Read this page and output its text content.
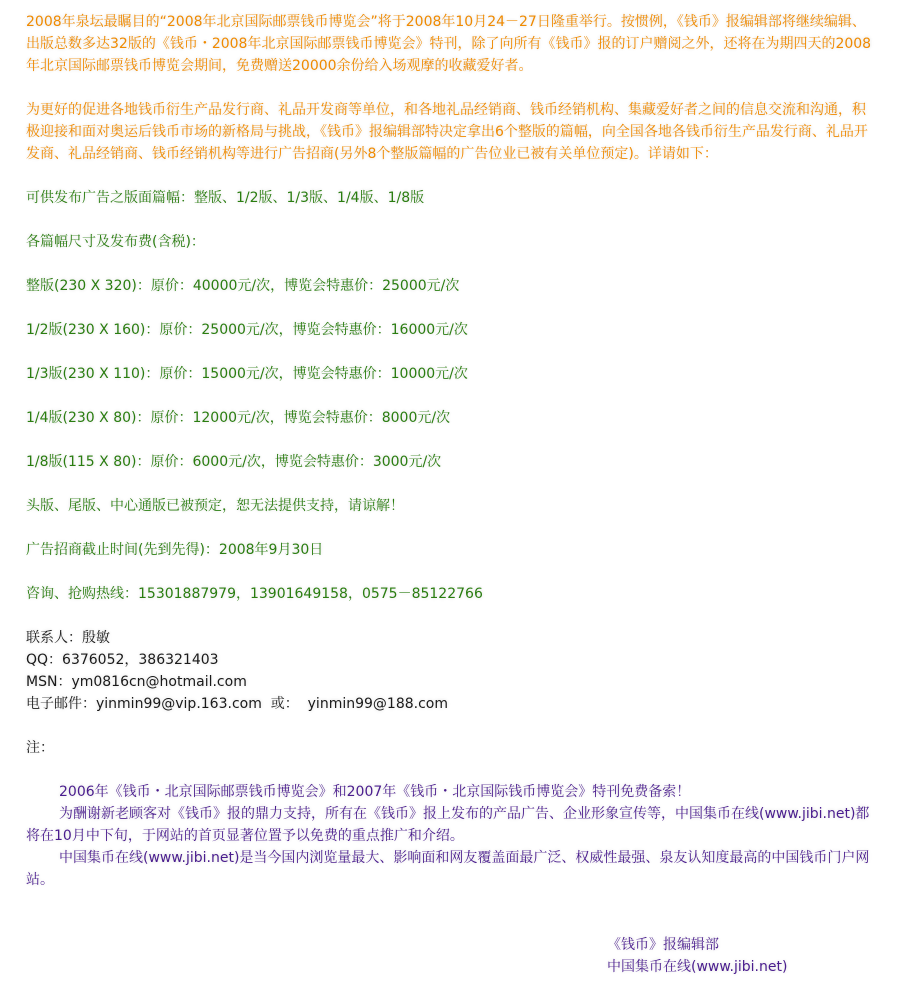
2008年泉坛最瞩目的“2008年北京国际邮票钱币博览会”将于2008年10月24－27日隆重举行。按惯例，《钱币》报编辑部将继续编辑、出版总数多达32版的《钱币・2008年北京国际邮票钱币博览会》特刊，除了向所有《钱币》报的订户赠阅之外，还将在为期四天的2008年北京国际邮票钱币博览会期间，免费赠送20000余份给入场观摩的收藏爱好者。

为更好的促进各地钱币衍生产品发行商、礼品开发商等单位，和各地礼品经销商、钱币经销机构、集藏爱好者之间的信息交流和沟通，积极迎接和面对奥运后钱币市场的新格局与挑战，《钱币》报编辑部特决定拿出6个整版的篇幅，向全国各地各钱币衍生产品发行商、礼品开发商、礼品经销商、钱币经销机构等进行广告招商(另外8个整版篇幅的广告位业已被有关单位预定)。详请如下：

可供发布广告之版面篇幅：整版、1/2版、1/3版、1/4版、1/8版

各篇幅尺寸及发布费(含税)：

整版(230 X 320)：原价：40000元/次，博览会特惠价：25000元/次

1/2版(230 X 160)：原价：25000元/次，博览会特惠价：16000元/次

1/3版(230 X 110)：原价：15000元/次，博览会特惠价：10000元/次

1/4版(230 X 80)：原价：12000元/次，博览会特惠价：8000元/次

1/8版(115 X 80)：原价：6000元/次，博览会特惠价：3000元/次

头版、尾版、中心通版已被预定，恕无法提供支持，请谅解！

广告招商截止时间(先到先得)：2008年9月30日

咨询、抢购热线：15301887979，13901649158，0575－85122766

联系人：殷敏

QQ：6376052，386321403

MSN：ym0816cn@hotmail.com

电子邮件：yinmin99@vip.163.com  或：  yinmin99@188.com

注：

2006年《钱币・北京国际邮票钱币博览会》和2007年《钱币・北京国际钱币博览会》特刊免费备索！

为酬谢新老顾客对《钱币》报的鼎力支持，所有在《钱币》报上发布的产品广告、企业形象宣传等，中国集币在线(www.jibi.net)都将在10月中下旬，于网站的首页显著位置予以免费的重点推广和介绍。

中国集币在线(www.jibi.net)是当今国内浏览量最大、影响面和网友覆盖面最广泛、权威性最强、泉友认知度最高的中国钱币门户网站。

《钱币》报编辑部

中国集币在线(www.jibi.net)
